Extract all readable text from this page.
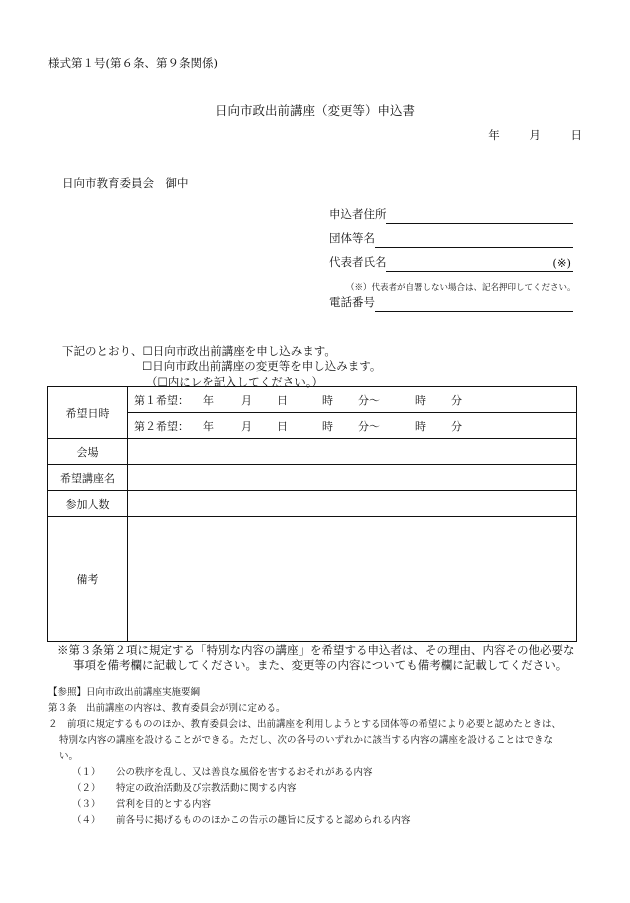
様式第１号(第６条、第９条関係)
日向市政出前講座（変更等）申込書
年	月	日
日向市教育委員会　御中
申込者住所
団体等名
代表者氏名	(※)
（※）代表者が自署しない場合は、記名押印してください。
電話番号
下記のとおり、☐日向市政出前講座を申し込みます。
☐日向市政出前講座の変更等を申し込みます。
（☐内にレを記入してください。）
希望日時	第１希望： 年 月 日 時 分～ 時 分
	第２希望： 年 月 日 時 分～ 時 分
会場	
希望講座名	
参加人数	
備考	
※第３条第２項に規定する「特別な内容の講座」を希望する申込者は、その理由、内容その他必要な
事項を備考欄に記載してください。また、変更等の内容についても備考欄に記載してください。
【参照】日向市政出前講座実施要綱
第３条　出前講座の内容は、教育委員会が別に定める。
２　前項に規定するもののほか、教育委員会は、出前講座を利用しようとする団体等の希望により必要と認めたときは、
特別な内容の講座を設けることができる。ただし、次の各号のいずれかに該当する内容の講座を設けることはできな
い。
（１） 公の秩序を乱し、又は善良な風俗を害するおそれがある内容
（２） 特定の政治活動及び宗教活動に関する内容
（３） 営利を目的とする内容
（４） 前各号に掲げるもののほかこの告示の趣旨に反すると認められる内容
